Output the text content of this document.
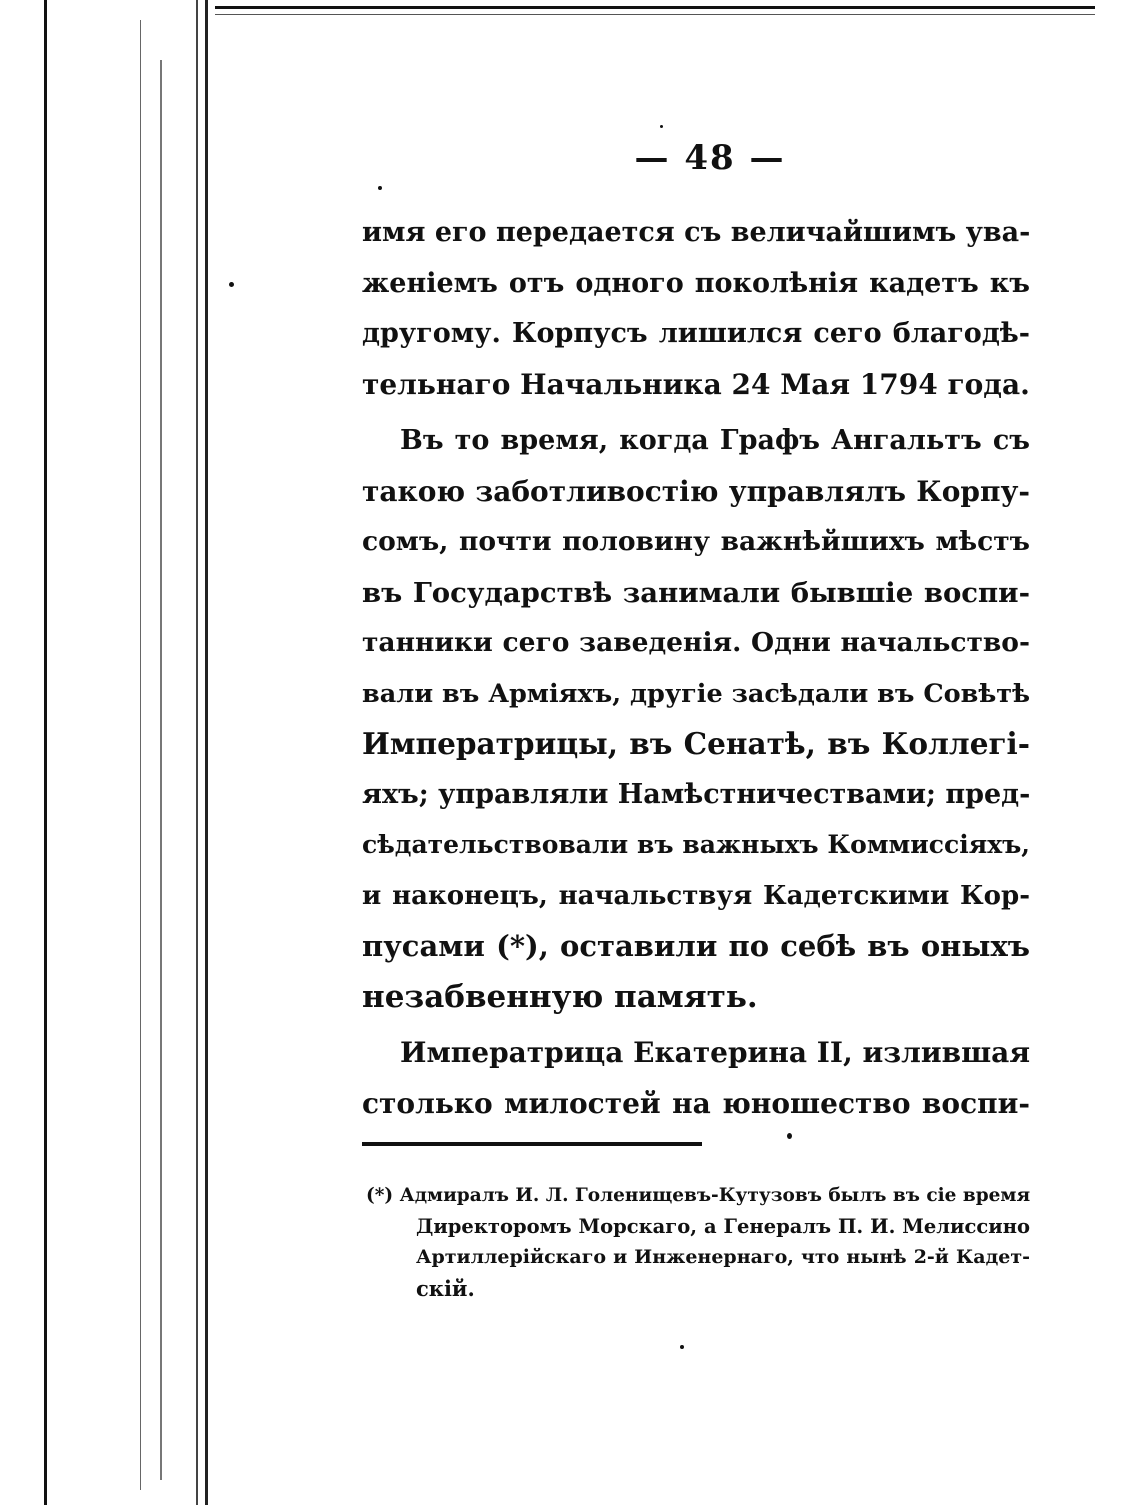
— 48 —

имя его передается съ величайшимъ ува-
женіемъ отъ одного поколѣнія кадетъ къ
другому. Корпусъ лишился сего благодѣ-
тельнаго Начальника 24 Мая 1794 года.

Въ то время, когда Графъ Ангальтъ съ
такою заботливостію управлялъ Корпу-
сомъ, почти половину важнѣйшихъ мѣстъ
въ Государствѣ занимали бывшіе воспи-
танники сего заведенія. Одни начальство-
вали въ Арміяхъ, другіе засѣдали въ Совѣтѣ
Императрицы, въ Сенатѣ, въ Коллегі-
яхъ; управляли Намѣстничествами; пред-
сѣдательствовали въ важныхъ Коммиссіяхъ,
и наконецъ, начальствуя Кадетскими Кор-
пусами (*), оставили по себѣ въ оныхъ
незабвенную память.

Императрица Екатерина II, излившая
столько милостей на юношество воспи-

(*) Адмиралъ И. Л. Голенищевъ-Кутузовъ былъ въ сіе время
Директоромъ Морскаго, а Генералъ П. И. Мелиссино
Артиллерійскаго и Инженернаго, что нынѣ 2-й Кадет-
скій.
